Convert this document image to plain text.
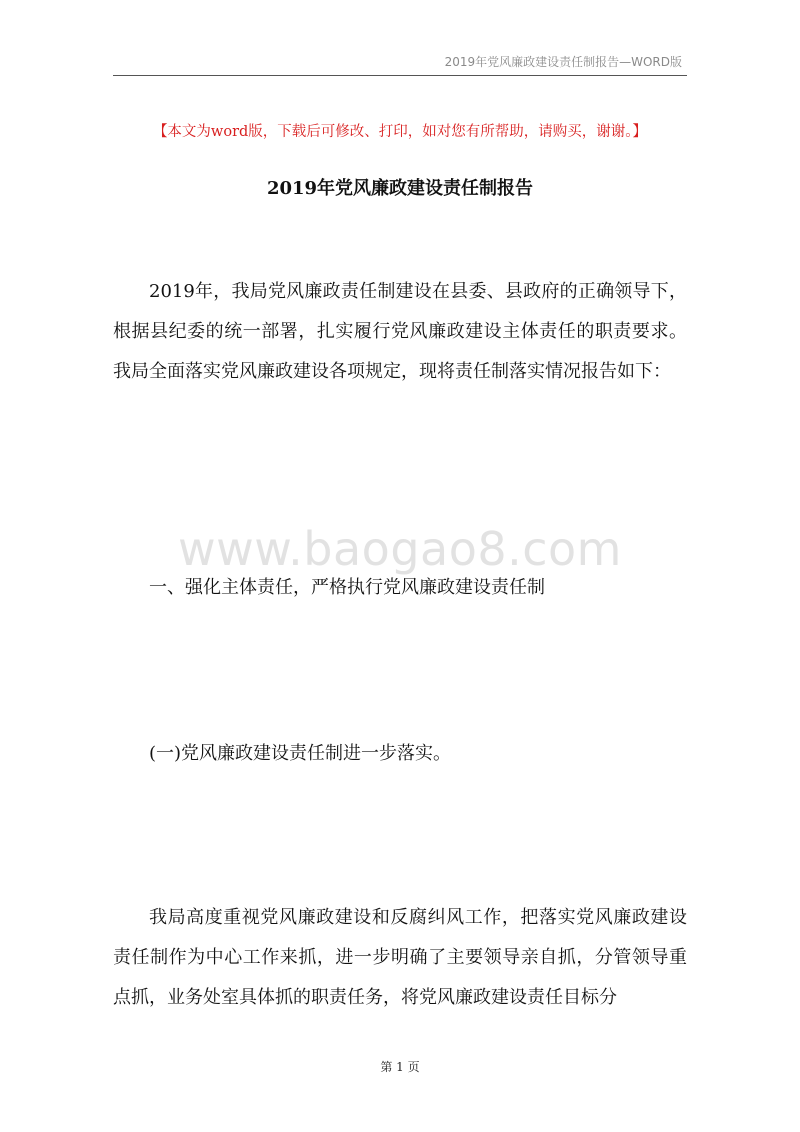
2019年党风廉政建设责任制报告—WORD版
【本文为word版，下载后可修改、打印，如对您有所帮助，请购买，谢谢。】
2019年党风廉政建设责任制报告

2019年，我局党风廉政责任制建设在县委、县政府的正确领导下，根据县纪委的统一部署，扎实履行党风廉政建设主体责任的职责要求。我局全面落实党风廉政建设各项规定，现将责任制落实情况报告如下：

www.baogao8.com

一、强化主体责任，严格执行党风廉政建设责任制

(一)党风廉政建设责任制进一步落实。

我局高度重视党风廉政建设和反腐纠风工作，把落实党风廉政建设责任制作为中心工作来抓，进一步明确了主要领导亲自抓，分管领导重点抓，业务处室具体抓的职责任务，将党风廉政建设责任目标分

第 1 页
